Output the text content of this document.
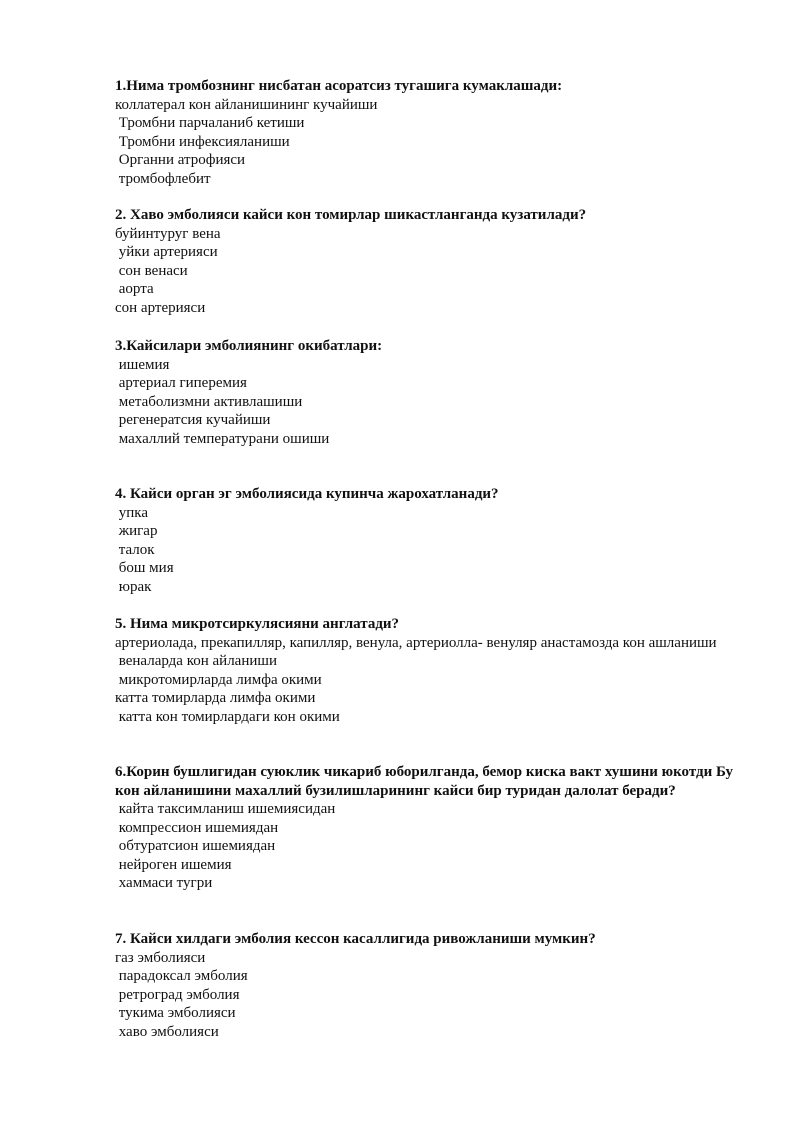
1.Нима тромбознинг нисбатан асоратсиз тугашига кумаклашади:

коллатерал кон айланишининг кучайиши
Тромбни парчаланиб кетиши
Тромбни инфексияланиши
Органни атрофияси
тромбофлебит

2. Хаво эмболияси кайси кон томирлар шикастланганда кузатилади?

буйинтуруг вена
уйки артерияси
сон венаси
аорта
сон артерияси

3.Кайсилари эмболиянинг окибатлари:

ишемия
артериал гиперемия
метаболизмни активлашиши
регенератсия кучайиши
махаллий температурани ошиши

4. Кайси орган эг эмболиясида купинча жарохатланади?

упка
жигар
талок
бош мия
юрак

5. Нима микротсиркулясияни англатади?

артериолада, прекапилляр, капилляр, венула, артериолла- венуляр анастамозда кон ашланиши
веналарда кон айланиши
микротомирларда лимфа окими
катта томирларда лимфа окими
катта кон томирлардаги кон окими

6.Корин бушлигидан суюклик чикариб юборилганда, бемор киска вакт хушини юкотди Бу кон айланишини махаллий бузилишларининг кайси бир туридан далолат беради?

кайта таксимланиш ишемиясидан
компрессион ишемиядан
обтуратсион ишемиядан
нейроген ишемия
хаммаси тугри

7. Кайси хилдаги эмболия кессон касаллигида ривожланиши мумкин?

газ эмболияси
парадоксал эмболия
ретроград эмболия
тукима эмболияси
хаво эмболияси
